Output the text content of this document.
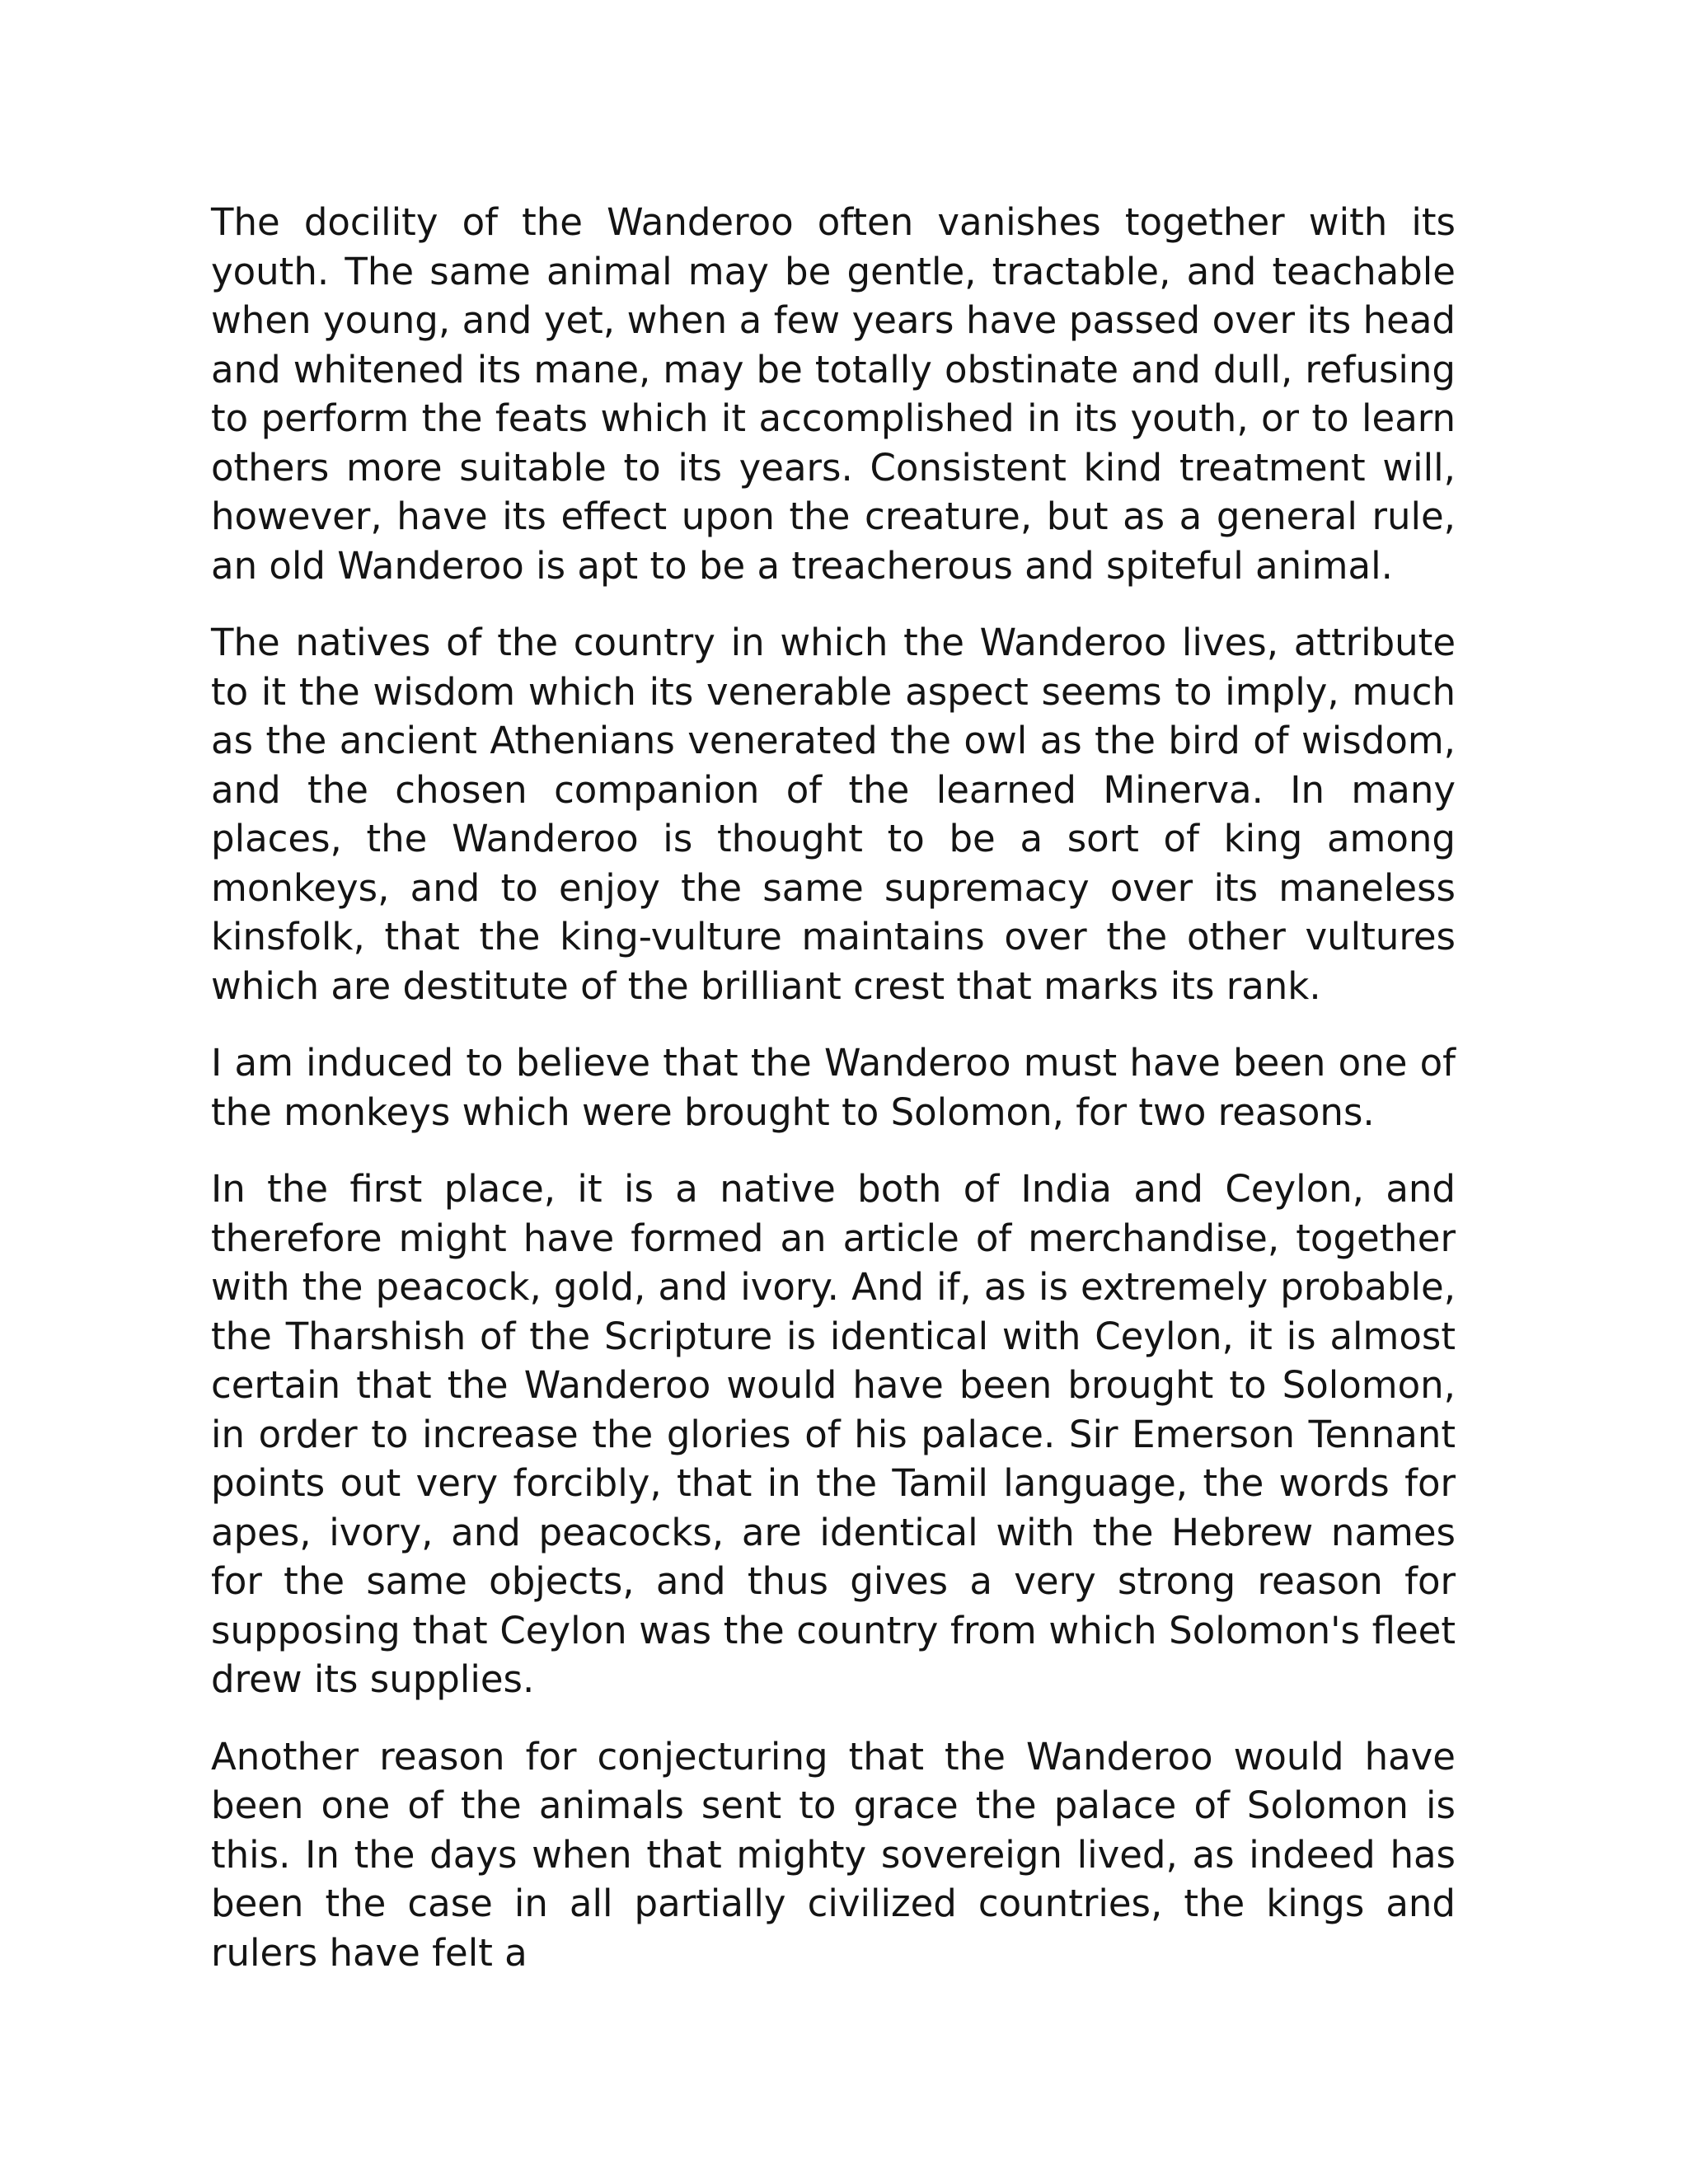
The docility of the Wanderoo often vanishes together with its youth. The same animal may be gentle, tractable, and teachable when young, and yet, when a few years have passed over its head and whitened its mane, may be totally obstinate and dull, refusing to perform the feats which it accomplished in its youth, or to learn others more suitable to its years. Consistent kind treatment will, however, have its effect upon the creature, but as a general rule, an old Wanderoo is apt to be a treacherous and spiteful animal.

The natives of the country in which the Wanderoo lives, attribute to it the wisdom which its venerable aspect seems to imply, much as the ancient Athenians venerated the owl as the bird of wisdom, and the chosen companion of the learned Minerva. In many places, the Wanderoo is thought to be a sort of king among monkeys, and to enjoy the same supremacy over its maneless kinsfolk, that the king-vulture maintains over the other vultures which are destitute of the brilliant crest that marks its rank.

I am induced to believe that the Wanderoo must have been one of the monkeys which were brought to Solomon, for two reasons.

In the first place, it is a native both of India and Ceylon, and therefore might have formed an article of merchandise, together with the peacock, gold, and ivory. And if, as is extremely probable, the Tharshish of the Scripture is identical with Ceylon, it is almost certain that the Wanderoo would have been brought to Solomon, in order to increase the glories of his palace. Sir Emerson Tennant points out very forcibly, that in the Tamil language, the words for apes, ivory, and peacocks, are identical with the Hebrew names for the same objects, and thus gives a very strong reason for supposing that Ceylon was the country from which Solomon's fleet drew its supplies.

Another reason for conjecturing that the Wanderoo would have been one of the animals sent to grace the palace of Solomon is this. In the days when that mighty sovereign lived, as indeed has been the case in all partially civilized countries, the kings and rulers have felt a
